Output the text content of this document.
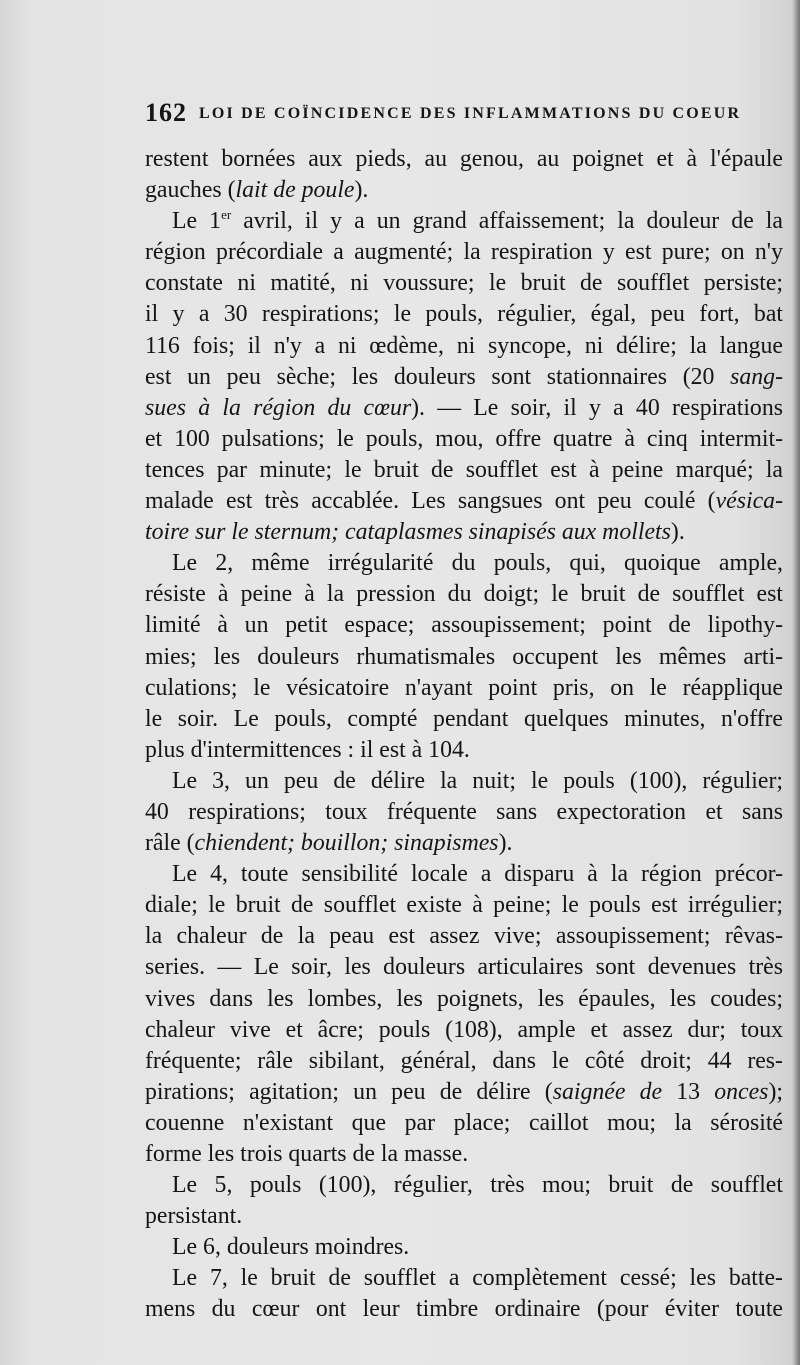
162 LOI DE COÏNCIDENCE DES INFLAMMATIONS DU COEUR
restent bornées aux pieds, au genou, au poignet et à l'épaule
gauches (lait de poule).
Le 1er avril, il y a un grand affaissement; la douleur de la
région précordiale a augmenté; la respiration y est pure; on n'y
constate ni matité, ni voussure; le bruit de soufflet persiste;
il y a 30 respirations; le pouls, régulier, égal, peu fort, bat
116 fois; il n'y a ni œdème, ni syncope, ni délire; la langue
est un peu sèche; les douleurs sont stationnaires (20 sang-
sues à la région du cœur). — Le soir, il y a 40 respirations
et 100 pulsations; le pouls, mou, offre quatre à cinq intermit-
tences par minute; le bruit de soufflet est à peine marqué; la
malade est très accablée. Les sangsues ont peu coulé (vésica-
toire sur le sternum; cataplasmes sinapisés aux mollets).
Le 2, même irrégularité du pouls, qui, quoique ample,
résiste à peine à la pression du doigt; le bruit de soufflet est
limité à un petit espace; assoupissement; point de lipothy-
mies; les douleurs rhumatismales occupent les mêmes arti-
culations; le vésicatoire n'ayant point pris, on le réapplique
le soir. Le pouls, compté pendant quelques minutes, n'offre
plus d'intermittences : il est à 104.
Le 3, un peu de délire la nuit; le pouls (100), régulier;
40 respirations; toux fréquente sans expectoration et sans
râle (chiendent; bouillon; sinapismes).
Le 4, toute sensibilité locale a disparu à la région précor-
diale; le bruit de soufflet existe à peine; le pouls est irrégulier;
la chaleur de la peau est assez vive; assoupissement; rêvas-
series. — Le soir, les douleurs articulaires sont devenues très
vives dans les lombes, les poignets, les épaules, les coudes;
chaleur vive et âcre; pouls (108), ample et assez dur; toux
fréquente; râle sibilant, général, dans le côté droit; 44 res-
pirations; agitation; un peu de délire (saignée de 13 onces);
couenne n'existant que par place; caillot mou; la sérosité
forme les trois quarts de la masse.
Le 5, pouls (100), régulier, très mou; bruit de soufflet
persistant.
Le 6, douleurs moindres.
Le 7, le bruit de soufflet a complètement cessé; les batte-
mens du cœur ont leur timbre ordinaire (pour éviter toute
